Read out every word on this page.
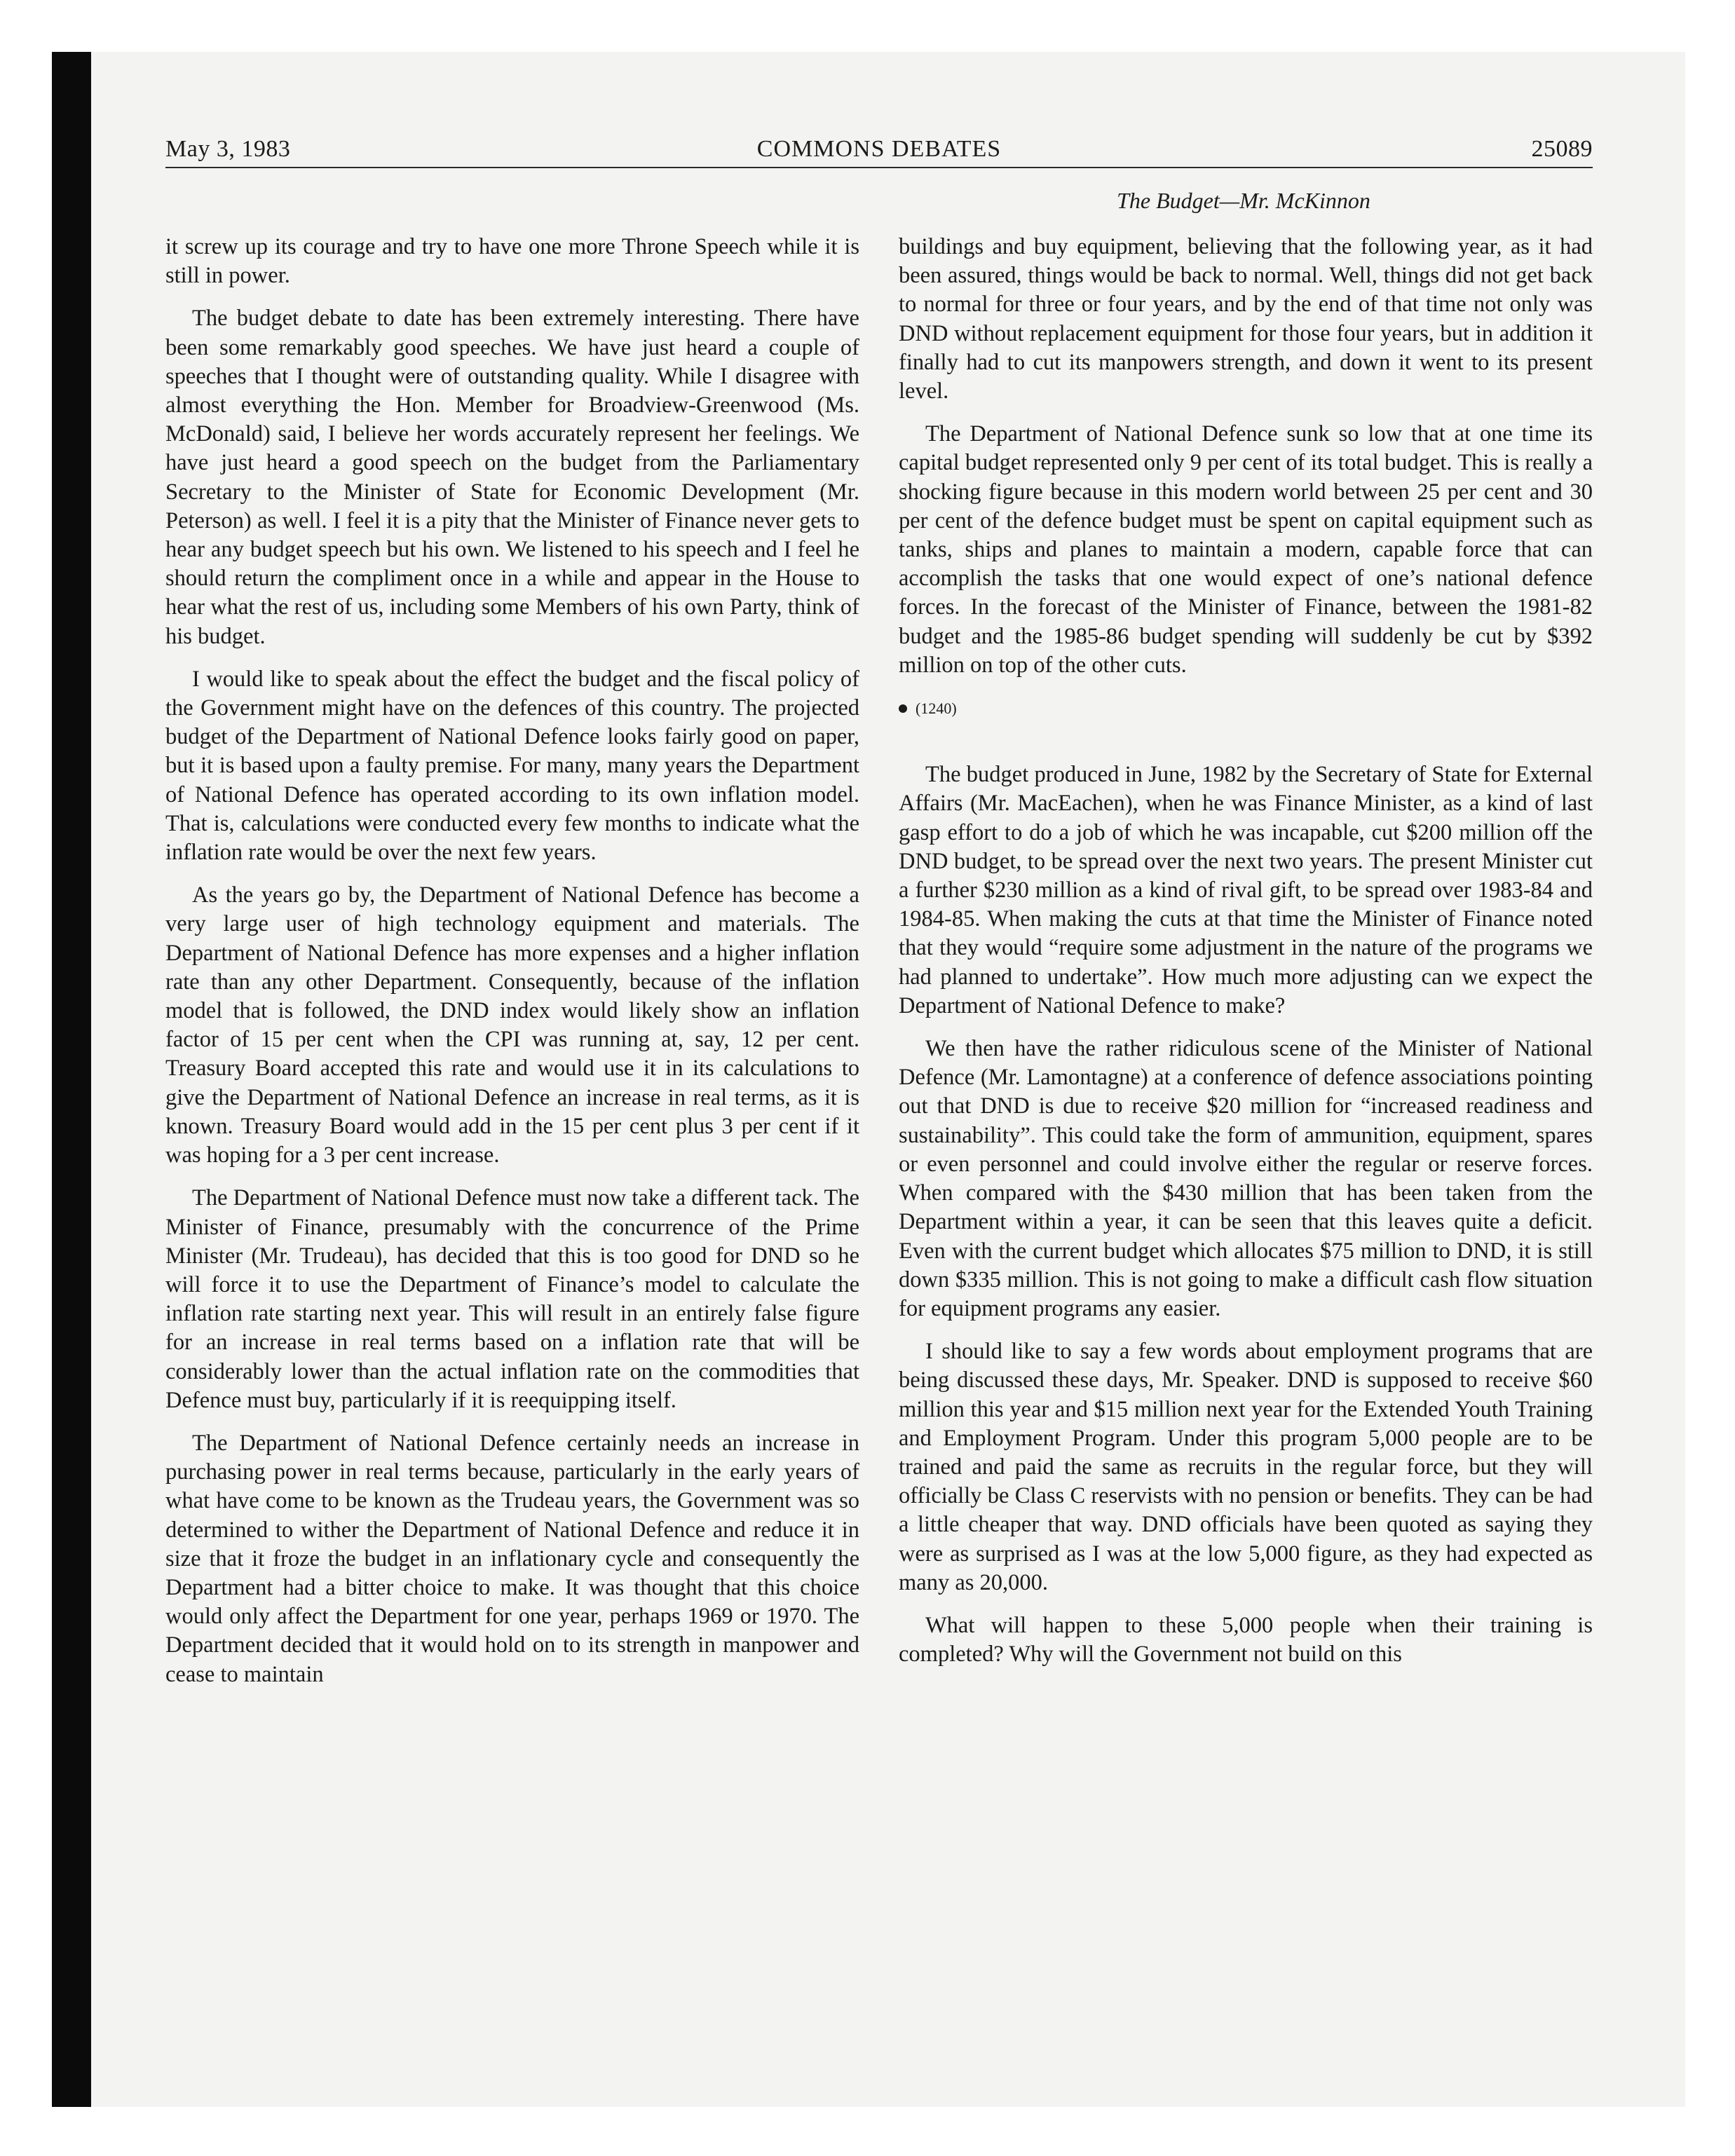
May 3, 1983	COMMONS DEBATES	25089
The Budget—Mr. McKinnon

it screw up its courage and try to have one more Throne Speech while it is still in power.

The budget debate to date has been extremely interesting. There have been some remarkably good speeches. We have just heard a couple of speeches that I thought were of outstanding quality. While I disagree with almost everything the Hon. Member for Broadview-Greenwood (Ms. McDonald) said, I believe her words accurately represent her feelings. We have just heard a good speech on the budget from the Parliamentary Secretary to the Minister of State for Economic Development (Mr. Peterson) as well. I feel it is a pity that the Minister of Finance never gets to hear any budget speech but his own. We listened to his speech and I feel he should return the compliment once in a while and appear in the House to hear what the rest of us, including some Members of his own Party, think of his budget.

I would like to speak about the effect the budget and the fiscal policy of the Government might have on the defences of this country. The projected budget of the Department of National Defence looks fairly good on paper, but it is based upon a faulty premise. For many, many years the Department of National Defence has operated according to its own inflation model. That is, calculations were conducted every few months to indicate what the inflation rate would be over the next few years.

As the years go by, the Department of National Defence has become a very large user of high technology equipment and materials. The Department of National Defence has more expenses and a higher inflation rate than any other Department. Consequently, because of the inflation model that is followed, the DND index would likely show an inflation factor of 15 per cent when the CPI was running at, say, 12 per cent. Treasury Board accepted this rate and would use it in its calculations to give the Department of National Defence an increase in real terms, as it is known. Treasury Board would add in the 15 per cent plus 3 per cent if it was hoping for a 3 per cent increase.

The Department of National Defence must now take a different tack. The Minister of Finance, presumably with the concurrence of the Prime Minister (Mr. Trudeau), has decided that this is too good for DND so he will force it to use the Department of Finance’s model to calculate the inflation rate starting next year. This will result in an entirely false figure for an increase in real terms based on a inflation rate that will be considerably lower than the actual inflation rate on the commodities that Defence must buy, particularly if it is reequipping itself.

The Department of National Defence certainly needs an increase in purchasing power in real terms because, particularly in the early years of what have come to be known as the Trudeau years, the Government was so determined to wither the Department of National Defence and reduce it in size that it froze the budget in an inflationary cycle and consequently the Department had a bitter choice to make. It was thought that this choice would only affect the Department for one year, perhaps 1969 or 1970. The Department decided that it would hold on to its strength in manpower and cease to maintain

buildings and buy equipment, believing that the following year, as it had been assured, things would be back to normal. Well, things did not get back to normal for three or four years, and by the end of that time not only was DND without replacement equipment for those four years, but in addition it finally had to cut its manpowers strength, and down it went to its present level.

The Department of National Defence sunk so low that at one time its capital budget represented only 9 per cent of its total budget. This is really a shocking figure because in this modern world between 25 per cent and 30 per cent of the defence budget must be spent on capital equipment such as tanks, ships and planes to maintain a modern, capable force that can accomplish the tasks that one would expect of one’s national defence forces. In the forecast of the Minister of Finance, between the 1981-82 budget and the 1985-86 budget spending will suddenly be cut by $392 million on top of the other cuts.

(1240)

The budget produced in June, 1982 by the Secretary of State for External Affairs (Mr. MacEachen), when he was Finance Minister, as a kind of last gasp effort to do a job of which he was incapable, cut $200 million off the DND budget, to be spread over the next two years. The present Minister cut a further $230 million as a kind of rival gift, to be spread over 1983-84 and 1984-85. When making the cuts at that time the Minister of Finance noted that they would “require some adjustment in the nature of the programs we had planned to undertake”. How much more adjusting can we expect the Department of National Defence to make?

We then have the rather ridiculous scene of the Minister of National Defence (Mr. Lamontagne) at a conference of defence associations pointing out that DND is due to receive $20 million for “increased readiness and sustainability”. This could take the form of ammunition, equipment, spares or even personnel and could involve either the regular or reserve forces. When compared with the $430 million that has been taken from the Department within a year, it can be seen that this leaves quite a deficit. Even with the current budget which allocates $75 million to DND, it is still down $335 million. This is not going to make a difficult cash flow situation for equipment programs any easier.

I should like to say a few words about employment programs that are being discussed these days, Mr. Speaker. DND is supposed to receive $60 million this year and $15 million next year for the Extended Youth Training and Employment Program. Under this program 5,000 people are to be trained and paid the same as recruits in the regular force, but they will officially be Class C reservists with no pension or benefits. They can be had a little cheaper that way. DND officials have been quoted as saying they were as surprised as I was at the low 5,000 figure, as they had expected as many as 20,000.

What will happen to these 5,000 people when their training is completed? Why will the Government not build on this
